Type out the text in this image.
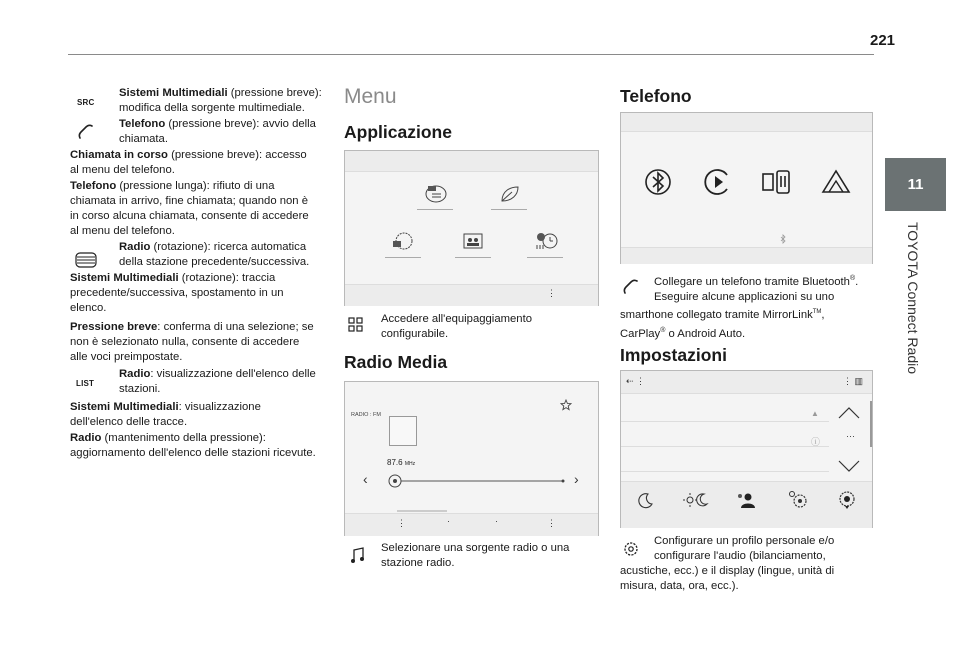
221
11
TOYOTA Connect Radio
SRC
Sistemi Multimediali (pressione breve):
modifica della sorgente multimediale.
Telefono (pressione breve): avvio della
chiamata.
Chiamata in corso (pressione breve): accesso
al menu del telefono.
Telefono (pressione lunga): rifiuto di una
chiamata in arrivo, fine chiamata; quando non è
in corso alcuna chiamata, consente di accedere
al menu del telefono.
Radio (rotazione): ricerca automatica
della stazione precedente/successiva.
Sistemi Multimediali (rotazione): traccia
precedente/successiva, spostamento in un
elenco.
Pressione breve: conferma di una selezione; se
non è selezionato nulla, consente di accedere
alle voci preimpostate.
LIST
Radio: visualizzazione dell'elenco delle
stazioni.
Sistemi Multimediali: visualizzazione
dell'elenco delle tracce.
Radio (mantenimento della pressione):
aggiornamento dell'elenco delle stazioni ricevute.
Menu
Applicazione
⋮
Accedere all'equipaggiamento
configurabile.
Radio Media
RADIO : FM
87.6 MHz
‹	›
⋮	·	·	⋮
Selezionare una sorgente radio o una
stazione radio.
Telefono
Collegare un telefono tramite Bluetooth®.
Eseguire alcune applicazioni su uno
smarthone collegato tramite MirrorLink™,
CarPlay® o Android Auto.
Impostazioni
⇠ ⋮	⋮ ▥
▲
ⓘ
···
Configurare un profilo personale e/o
configurare l'audio (bilanciamento,
acustiche, ecc.) e il display (lingue, unità di
misura, data, ora, ecc.).
